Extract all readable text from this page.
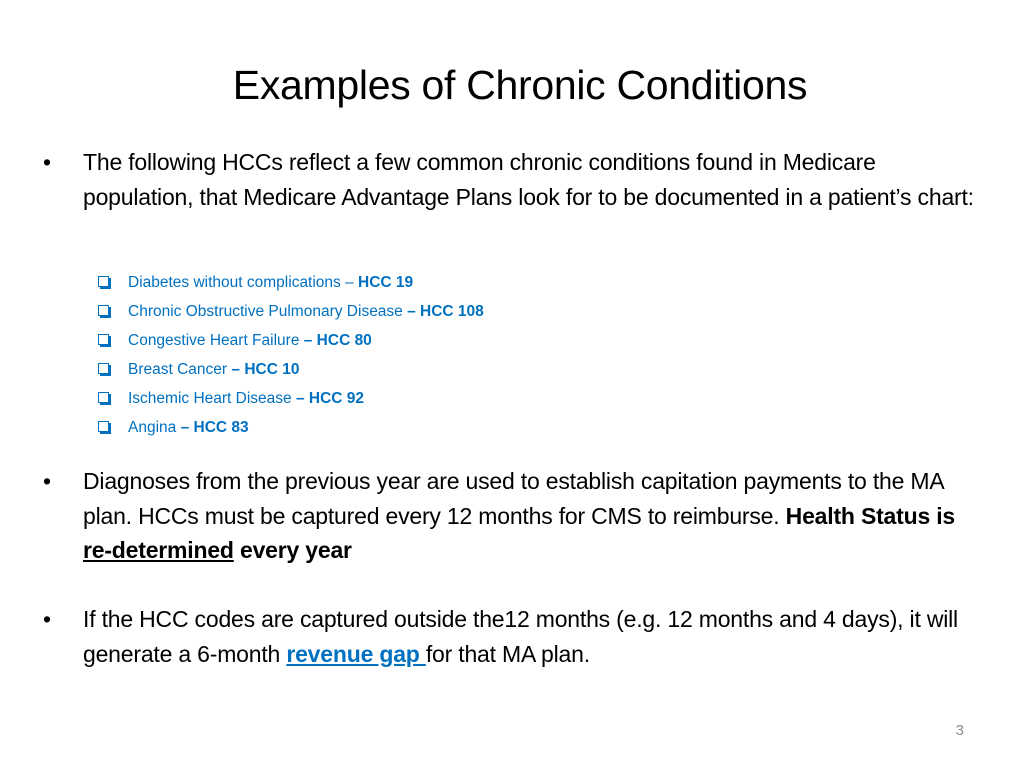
Examples of Chronic Conditions
• The following HCCs reflect a few common chronic conditions found in Medicare population, that Medicare Advantage Plans look for to be documented in a patient’s chart:
Diabetes without complications – HCC 19
Chronic Obstructive Pulmonary Disease – HCC 108
Congestive Heart Failure – HCC 80
Breast Cancer – HCC 10
Ischemic Heart Disease – HCC 92
Angina – HCC 83
• Diagnoses from the previous year are used to establish capitation payments to the MA plan. HCCs must be captured every 12 months for CMS to reimburse. Health Status is re-determined every year
• If the HCC codes are captured outside the12 months (e.g. 12 months and 4 days), it will generate a 6-month revenue gap for that MA plan.
3
